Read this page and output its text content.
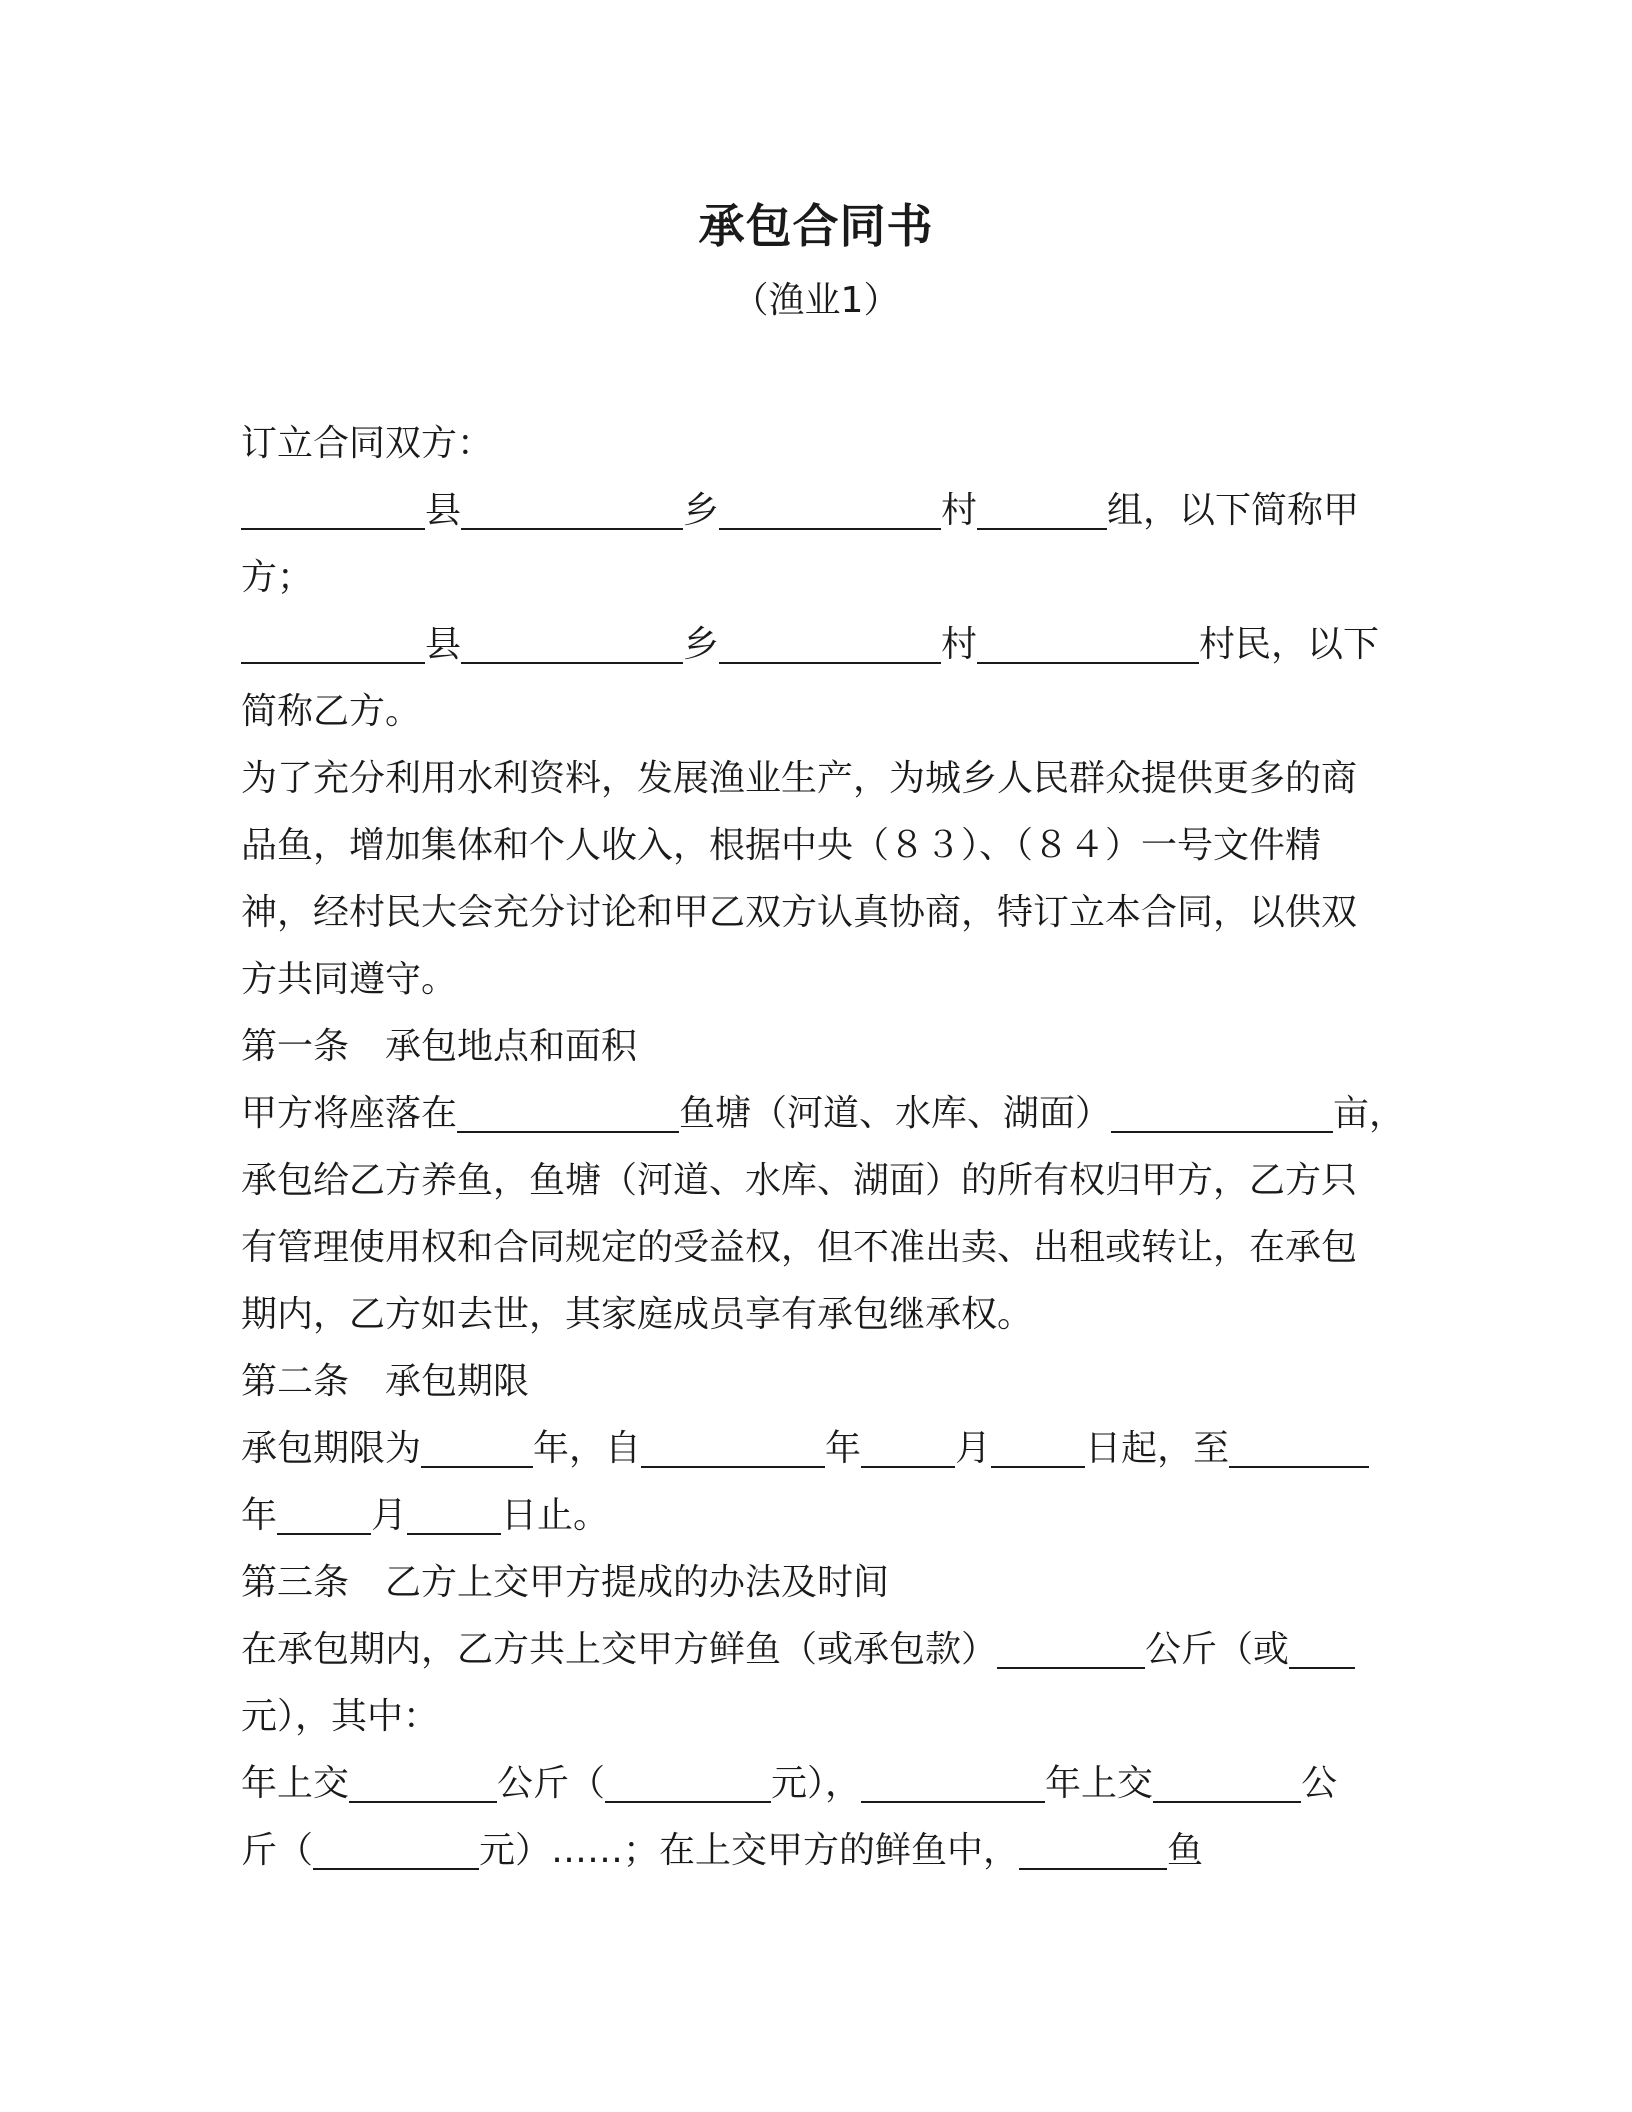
承包合同书
（渔业1）
订立合同双方：
县	乡	村	组，以下简称甲
方；
县	乡	村	村民，以下
简称乙方。
为了充分利用水利资料，发展渔业生产，为城乡人民群众提供更多的商
品鱼，增加集体和个人收入，根据中央（８３）、（８４）一号文件精
神，经村民大会充分讨论和甲乙双方认真协商，特订立本合同，以供双
方共同遵守。
第一条 承包地点和面积
甲方将座落在	鱼塘（河道、水库、湖面）	亩，
承包给乙方养鱼，鱼塘（河道、水库、湖面）的所有权归甲方，乙方只
有管理使用权和合同规定的受益权，但不准出卖、出租或转让，在承包
期内，乙方如去世，其家庭成员享有承包继承权。
第二条 承包期限
承包期限为	年，自	年	月	日起，至
年	月	日止。
第三条 乙方上交甲方提成的办法及时间
在承包期内，乙方共上交甲方鲜鱼（或承包款）	公斤（或
元），其中：
年上交	公斤（	元），	年上交	公
斤（	元）……；在上交甲方的鲜鱼中，	鱼
